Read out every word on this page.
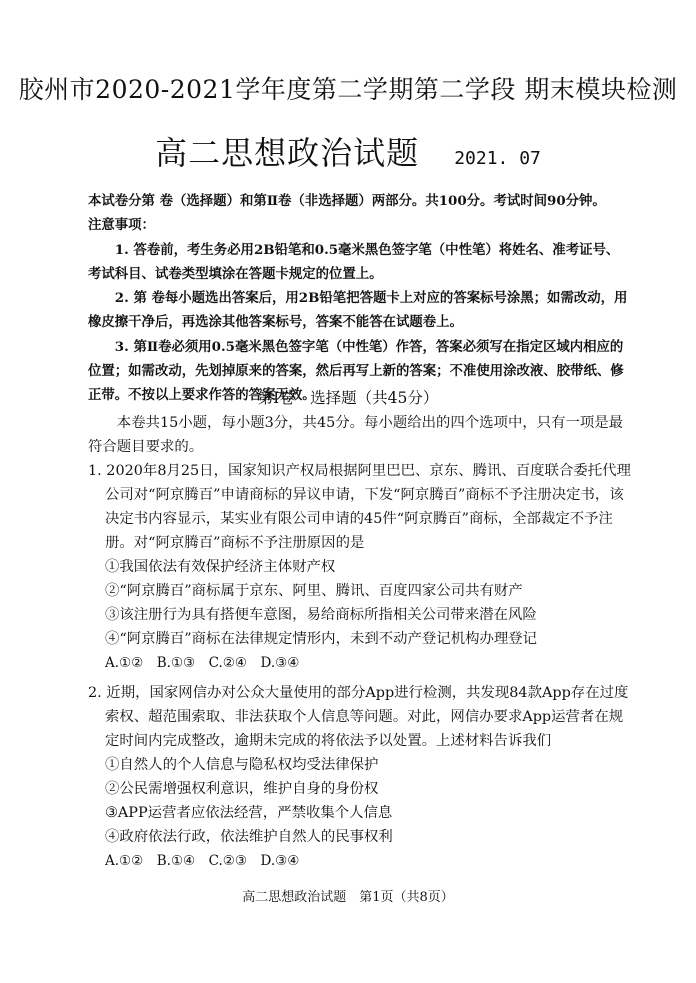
胶州市2020-2021学年度第二学期第二学段 期末模块检测
高二思想政治试题 2021. 07

本试卷分第 卷（选择题）和第Ⅱ卷（非选择题）两部分。共100分。考试时间90分钟。

注意事项：

1. 答卷前，考生务必用2B铅笔和0.5毫米黑色签字笔（中性笔）将姓名、准考证号、考试科目、试卷类型填涂在答题卡规定的位置上。

2. 第 卷每小题选出答案后，用2B铅笔把答题卡上对应的答案标号涂黑；如需改动，用橡皮擦干净后，再选涂其他答案标号，答案不能答在试题卷上。

3. 第Ⅱ卷必须用0.5毫米黑色签字笔（中性笔）作答，答案必须写在指定区域内相应的位置；如需改动，先划掉原来的答案，然后再写上新的答案；不准使用涂改液、胶带纸、修正带。不按以上要求作答的答案无效。

第Ⅰ卷　选择题（共45分）

本卷共15小题，每小题3分，共45分。每小题给出的四个选项中，只有一项是最符合题目要求的。

1. 2020年8月25日，国家知识产权局根据阿里巴巴、京东、腾讯、百度联合委托代理公司对“阿京腾百”申请商标的异议申请，下发“阿京腾百”商标不予注册决定书，该决定书内容显示，某实业有限公司申请的45件“阿京腾百”商标，全部裁定不予注册。对“阿京腾百”商标不予注册原因的是

①我国依法有效保护经济主体财产权

②“阿京腾百”商标属于京东、阿里、腾讯、百度四家公司共有财产

③该注册行为具有搭便车意图，易给商标所指相关公司带来潜在风险

④“阿京腾百”商标在法律规定情形内，未到不动产登记机构办理登记

A.①②　B.①③　C.②④　D.③④

2. 近期，国家网信办对公众大量使用的部分App进行检测，共发现84款App存在过度索权、超范围索取、非法获取个人信息等问题。对此，网信办要求App运营者在规定时间内完成整改，逾期未完成的将依法予以处置。上述材料告诉我们

①自然人的个人信息与隐私权均受法律保护

②公民需增强权利意识，维护自身的身份权

③APP运营者应依法经营，严禁收集个人信息

④政府依法行政，依法维护自然人的民事权利

A.①②　B.①④　C.②③　D.③④

高二思想政治试题　第1页（共8页）
